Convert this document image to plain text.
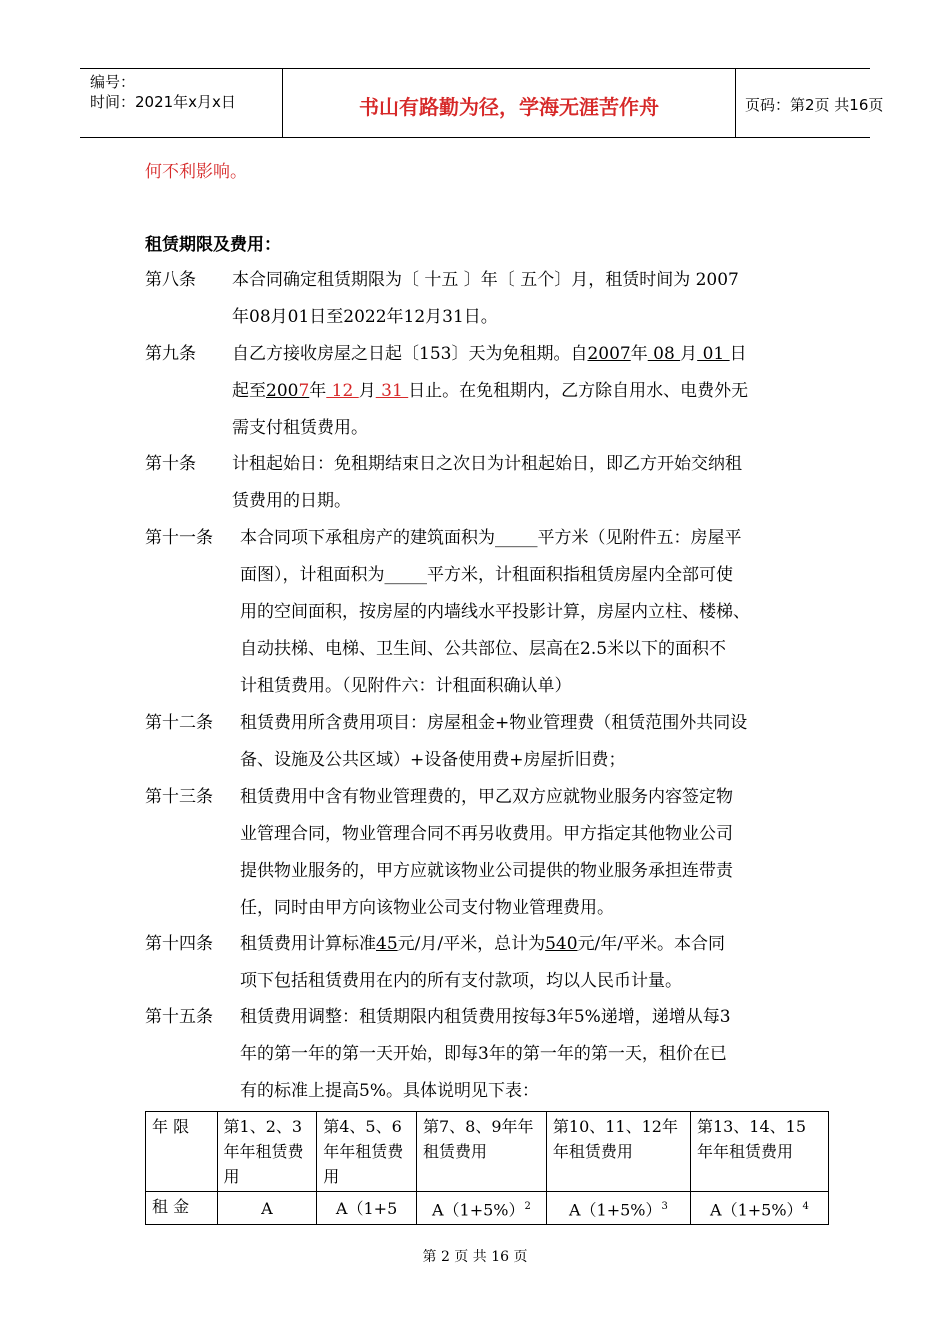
编号：
时间：2021年x月x日	书山有路勤为径，学海无涯苦作舟	页码：第2页 共16页
何不利影响。
租赁期限及费用：
第八条 本合同确定租赁期限为〔 十五 〕年〔 五个〕月，租赁时间为 2007
年08月01日至2022年12月31日。
第九条 自乙方接收房屋之日起〔153〕天为免租期。自2007年 08 月 01 日
起至2007年 12 月 31 日止。在免租期内，乙方除自用水、电费外无
需支付租赁费用。
第十条 计租起始日：免租期结束日之次日为计租起始日，即乙方开始交纳租
赁费用的日期。
第十一条 本合同项下承租房产的建筑面积为_____平方米（见附件五：房屋平
面图），计租面积为_____平方米，计租面积指租赁房屋内全部可使
用的空间面积，按房屋的内墙线水平投影计算，房屋内立柱、楼梯、
自动扶梯、电梯、卫生间、公共部位、层高在2.5米以下的面积不
计租赁费用。（见附件六：计租面积确认单）
第十二条 租赁费用所含费用项目：房屋租金+物业管理费（租赁范围外共同设
备、设施及公共区域）+设备使用费+房屋折旧费；
第十三条 租赁费用中含有物业管理费的，甲乙双方应就物业服务内容签定物
业管理合同，物业管理合同不再另收费用。甲方指定其他物业公司
提供物业服务的，甲方应就该物业公司提供的物业服务承担连带责
任，同时由甲方向该物业公司支付物业管理费用。
第十四条 租赁费用计算标准45元/月/平米，总计为540元/年/平米。本合同
项下包括租赁费用在内的所有支付款项，均以人民币计量。
第十五条 租赁费用调整：租赁期限内租赁费用按每3年5%递增，递增从每3
年的第一年的第一天开始，即每3年的第一年的第一天，租价在已
有的标准上提高5%。具体说明见下表：
年 限	第1、2、3年年租赁费用	第4、5、6年年租赁费用	第7、8、9年年租赁费用	第10、11、12年年租赁费用	第13、14、15年年租赁费用
租 金	A	A（1+5	$A(1+5\%)^2$	$A(1+5\%)^3$	$A(1+5\%)^4$
第 2 页 共 16 页
